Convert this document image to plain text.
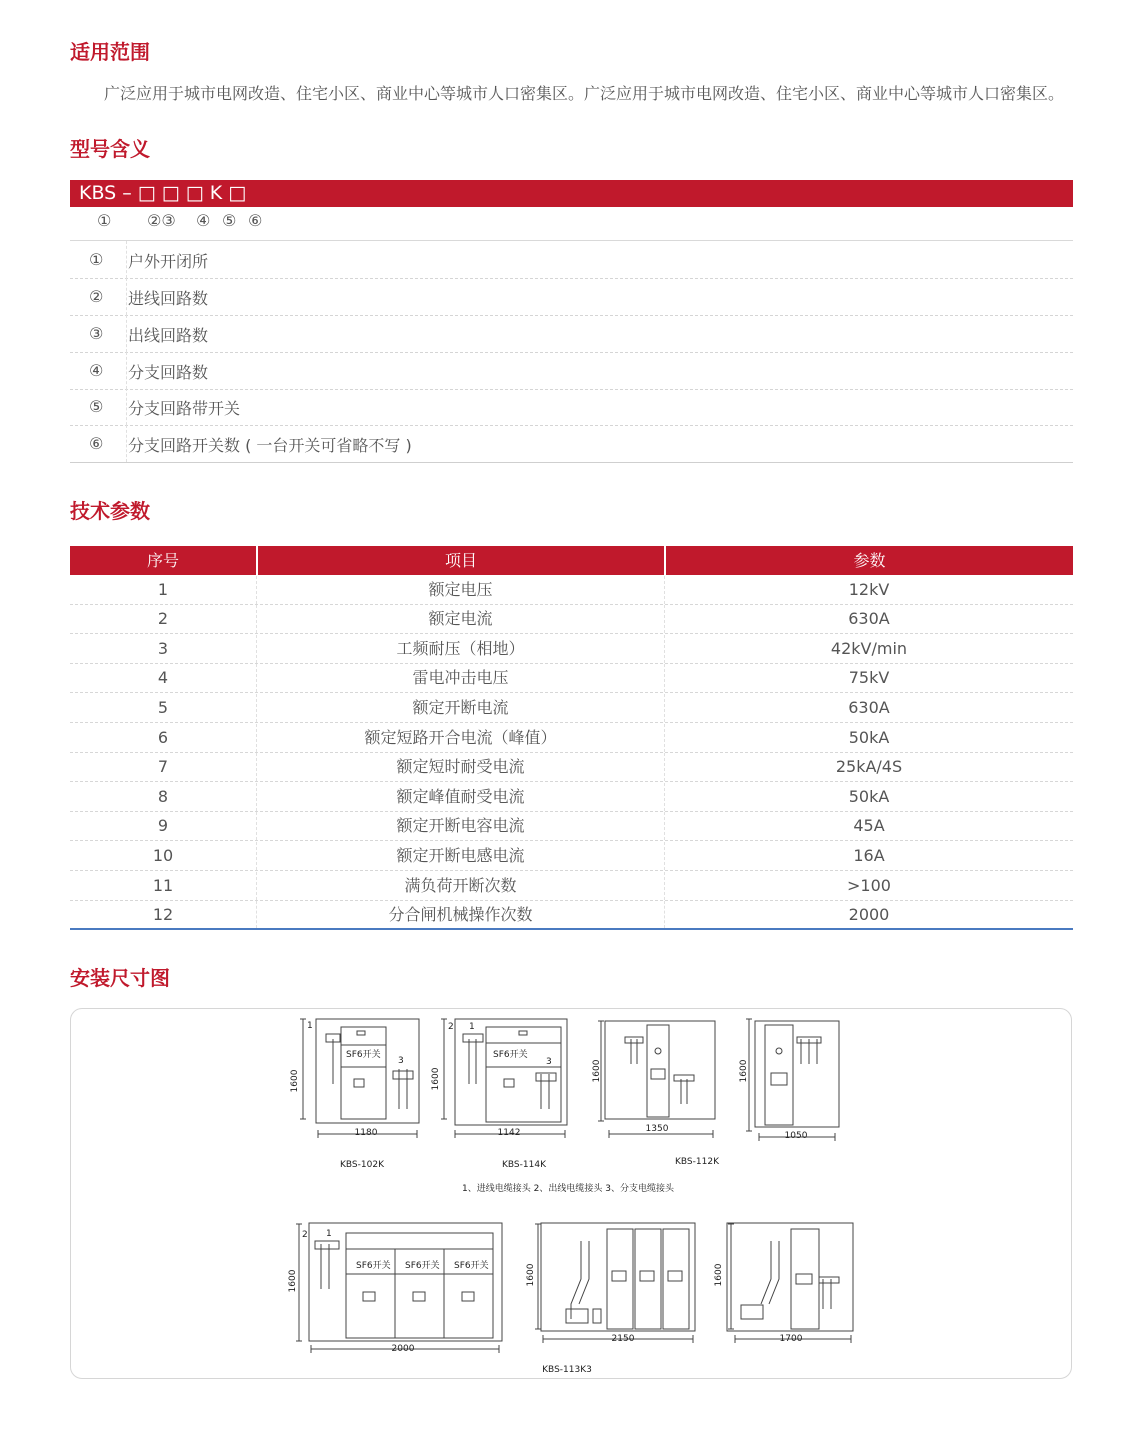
适用范围
广泛应用于城市电网改造、住宅小区、商业中心等城市人口密集区。广泛应用于城市电网改造、住宅小区、商业中心等城市人口密集区。
型号含义
KBS – □ □ □ K □
① ②③ ④ ⑤ ⑥
① 户外开闭所
② 进线回路数
③ 出线回路数
④ 分支回路数
⑤ 分支回路带开关
⑥ 分支回路开关数 ( 一台开关可省略不写 )
技术参数
序号	项目	参数
1	额定电压	12kV
2	额定电流	630A
3	工频耐压（相地）	42kV/min
4	雷电冲击电压	75kV
5	额定开断电流	630A
6	额定短路开合电流（峰值）	50kA
7	额定短时耐受电流	25kA/4S
8	额定峰值耐受电流	50kA
9	额定开断电容电流	45A
10	额定开断电感电流	16A
11	满负荷开断次数	>100
12	分合闸机械操作次数	2000
安装尺寸图
1600	1600	1600	1600
1600	1600	1600
SF6开关	SF6开关
SF6开关 SF6开关 SF6开关
1
3
2 1
3
2 1
1180	1142	1350
1050
2000
2150	1700
KBS-102K	KBS-114K	KBS-112K
KBS-113K3
1、进线电缆接头 2、出线电缆接头 3、分支电缆接头
